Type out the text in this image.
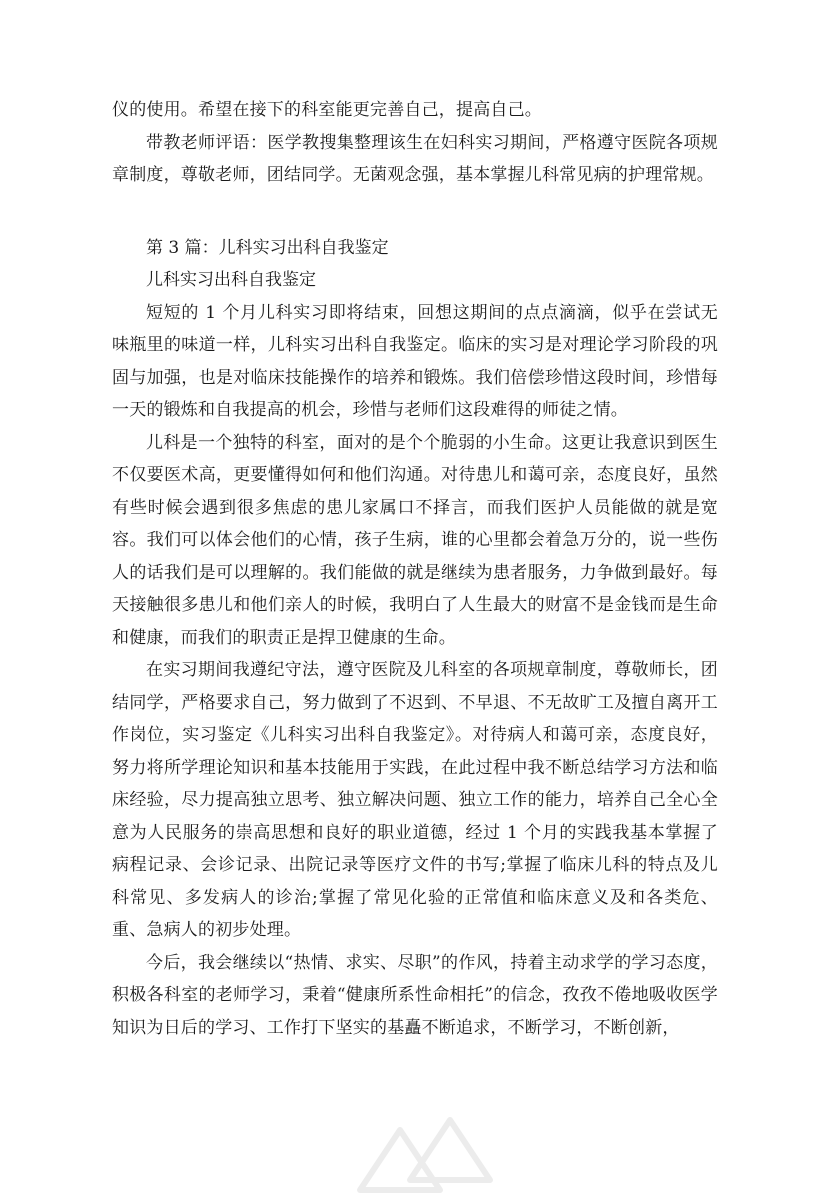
仪的使用。希望在接下的科室能更完善自己，提高自己。

带教老师评语：医学教搜集整理该生在妇科实习期间，严格遵守医院各项规章制度，尊敬老师，团结同学。无菌观念强，基本掌握儿科常见病的护理常规。

第 3 篇：儿科实习出科自我鉴定

儿科实习出科自我鉴定

短短的 1 个月儿科实习即将结束，回想这期间的点点滴滴，似乎在尝试无味瓶里的味道一样，儿科实习出科自我鉴定。临床的实习是对理论学习阶段的巩固与加强，也是对临床技能操作的培养和锻炼。我们倍偿珍惜这段时间，珍惜每一天的锻炼和自我提高的机会，珍惜与老师们这段难得的师徒之情。

儿科是一个独特的科室，面对的是个个脆弱的小生命。这更让我意识到医生不仅要医术高，更要懂得如何和他们沟通。对待患儿和蔼可亲，态度良好，虽然有些时候会遇到很多焦虑的患儿家属口不择言，而我们医护人员能做的就是宽容。我们可以体会他们的心情，孩子生病，谁的心里都会着急万分的，说一些伤人的话我们是可以理解的。我们能做的就是继续为患者服务，力争做到最好。每天接触很多患儿和他们亲人的时候，我明白了人生最大的财富不是金钱而是生命和健康，而我们的职责正是捍卫健康的生命。

在实习期间我遵纪守法，遵守医院及儿科室的各项规章制度，尊敬师长，团结同学，严格要求自己，努力做到了不迟到、不早退、不无故旷工及擅自离开工作岗位，实习鉴定《儿科实习出科自我鉴定》。对待病人和蔼可亲，态度良好，努力将所学理论知识和基本技能用于实践，在此过程中我不断总结学习方法和临床经验，尽力提高独立思考、独立解决问题、独立工作的能力，培养自己全心全意为人民服务的崇高思想和良好的职业道德，经过 1 个月的实践我基本掌握了病程记录、会诊记录、出院记录等医疗文件的书写;掌握了临床儿科的特点及儿科常见、多发病人的诊治;掌握了常见化验的正常值和临床意义及和各类危、重、急病人的初步处理。

今后，我会继续以“热情、求实、尽职”的作风，持着主动求学的学习态度，积极各科室的老师学习，秉着“健康所系性命相托”的信念，孜孜不倦地吸收医学知识为日后的学习、工作打下坚实的基矗不断追求，不断学习，不断创新，
